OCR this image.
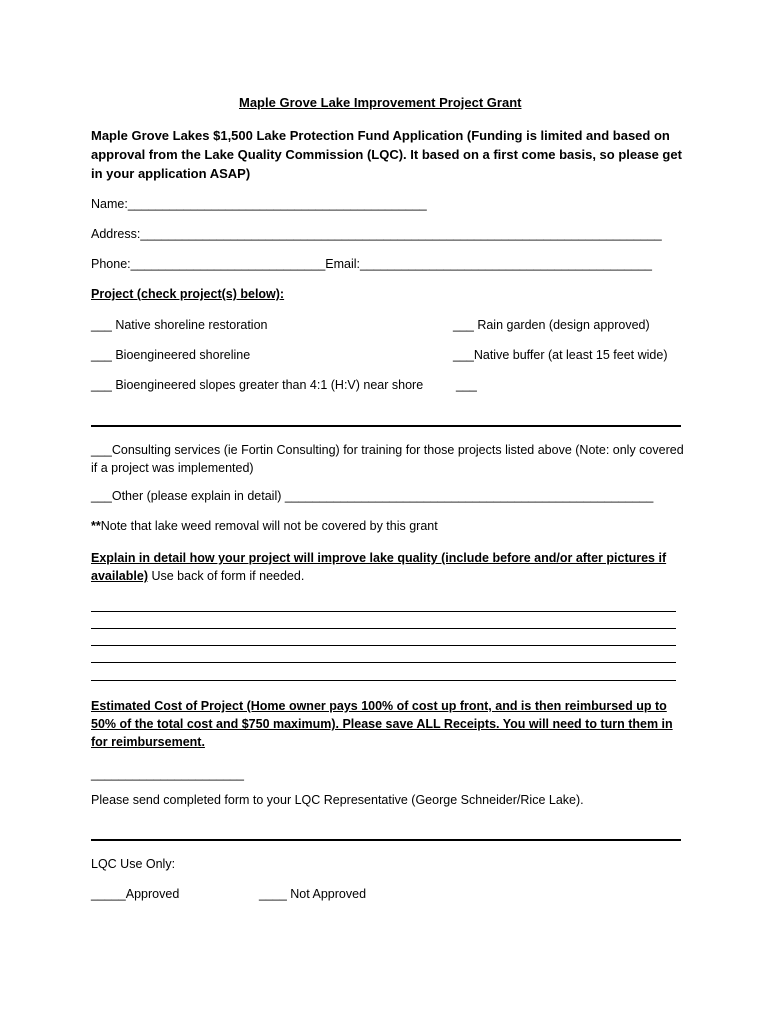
Maple Grove Lake Improvement Project Grant
Maple Grove Lakes $1,500 Lake Protection Fund Application (Funding is limited and based on approval from the Lake Quality Commission (LQC). It based on a first come basis, so please get in your application ASAP)
Name:___________________________________________
Address:___________________________________________________________________________
Phone:____________________________Email:__________________________________________
Project (check project(s) below):
___ Native shoreline restoration	___ Rain garden (design approved)
___ Bioengineered shoreline	___Native buffer (at least 15 feet wide)
___ Bioengineered slopes greater than 4:1 (H:V) near shore	___
___Consulting services (ie Fortin Consulting) for training for those projects listed above (Note: only covered if a project was implemented)
___Other (please explain in detail) _____________________________________________________
**Note that lake weed removal will not be covered by this grant
Explain in detail how your project will improve lake quality (include before and/or after pictures if available) Use back of form if needed.
Estimated Cost of Project (Home owner pays 100% of cost up front, and is then reimbursed up to 50% of the total cost and $750 maximum). Please save ALL Receipts. You will need to turn them in for reimbursement.
______________________
Please send completed form to your LQC Representative (George Schneider/Rice Lake).
LQC Use Only:
_____Approved	____ Not Approved
